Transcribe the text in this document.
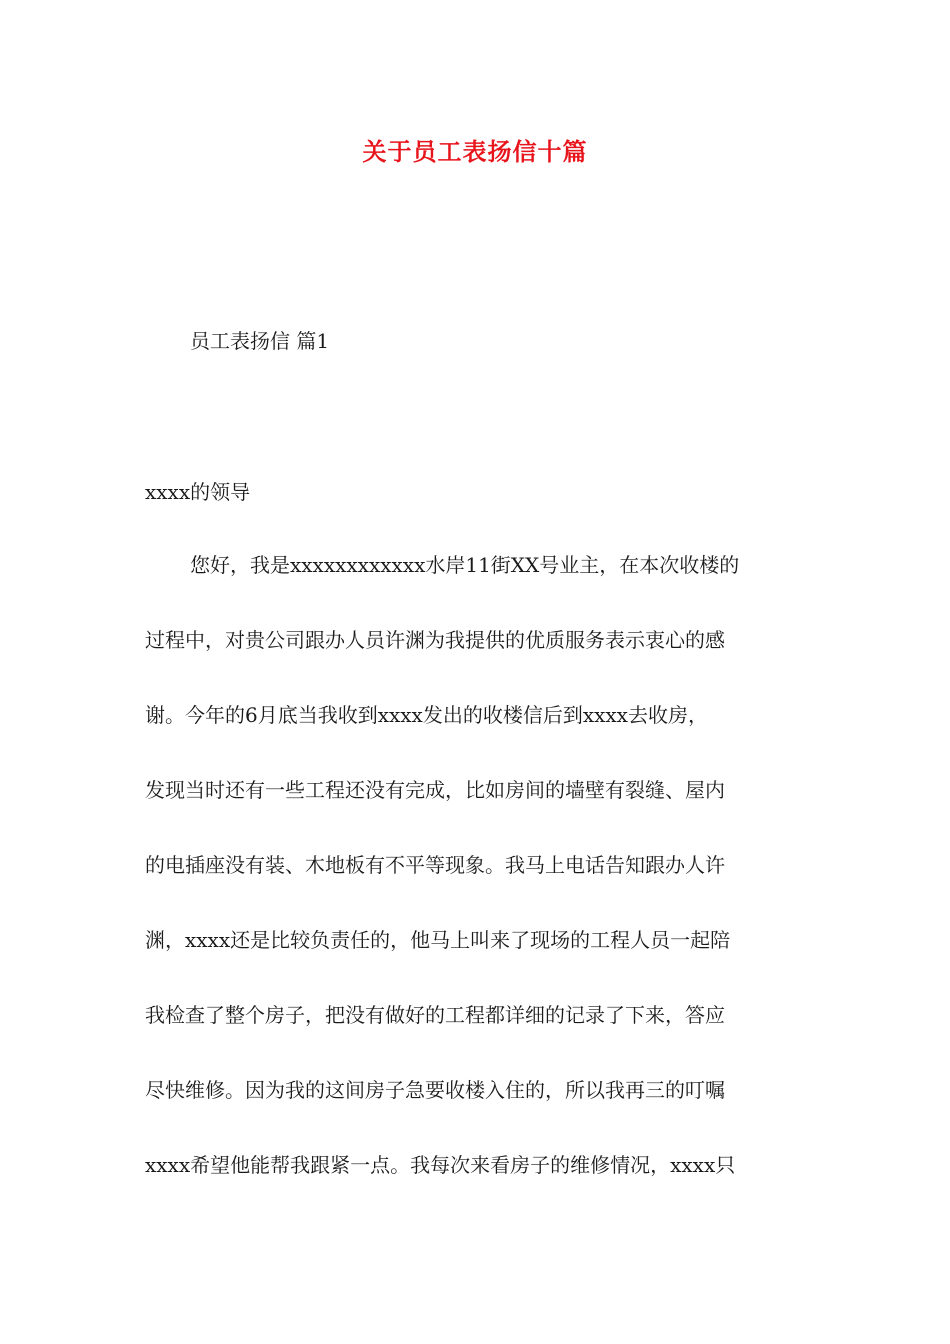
关于员工表扬信十篇
员工表扬信 篇1
xxxx的领导
您好，我是xxxxxxxxxxxx水岸11街XX号业主，在本次收楼的
过程中，对贵公司跟办人员许渊为我提供的优质服务表示衷心的感
谢。今年的6月底当我收到xxxx发出的收楼信后到xxxx去收房，
发现当时还有一些工程还没有完成，比如房间的墙壁有裂缝、屋内
的电插座没有装、木地板有不平等现象。我马上电话告知跟办人许
渊，xxxx还是比较负责任的，他马上叫来了现场的工程人员一起陪
我检查了整个房子，把没有做好的工程都详细的记录了下来，答应
尽快维修。因为我的这间房子急要收楼入住的，所以我再三的叮嘱
xxxx希望他能帮我跟紧一点。我每次来看房子的维修情况，xxxx只
